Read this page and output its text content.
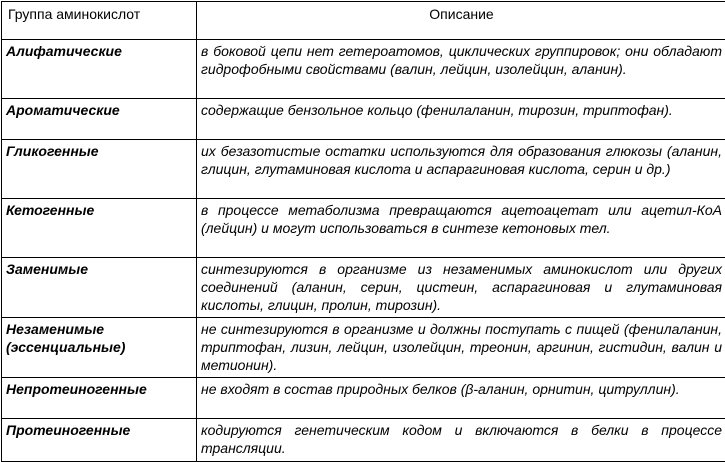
Группа аминокислот	Описание
Алифатические	в боковой цепи нет гетероатомов, циклических группировок; они обладают гидрофобными свойствами (валин, лейцин, изолейцин, аланин).
Ароматические	содержащие бензольное кольцо (фенилаланин, тирозин, триптофан).
Гликогенные	их безазотистые остатки используются для образования глюкозы (аланин, глицин, глутаминовая кислота и аспарагиновая кислота, серин и др.)
Кетогенные	в процессе метаболизма превращаются ацетоацетат или ацетил-КоА (лейцин) и могут использоваться в синтезе кетоновых тел.
Заменимые	синтезируются в организме из незаменимых аминокислот или других соединений (аланин, серин, цистеин, аспарагиновая и глутаминовая кислоты, глицин, пролин, тирозин).
Незаменимые (эссенциальные)	не синтезируются в организме и должны поступать с пищей (фенилаланин, триптофан, лизин, лейцин, изолейцин, треонин, аргинин, гистидин, валин и метионин).
Непротеиногенные	не входят в состав природных белков (β-аланин, орнитин, цитруллин).
Протеиногенные	кодируются генетическим кодом и включаются в белки в процессе трансляции.
